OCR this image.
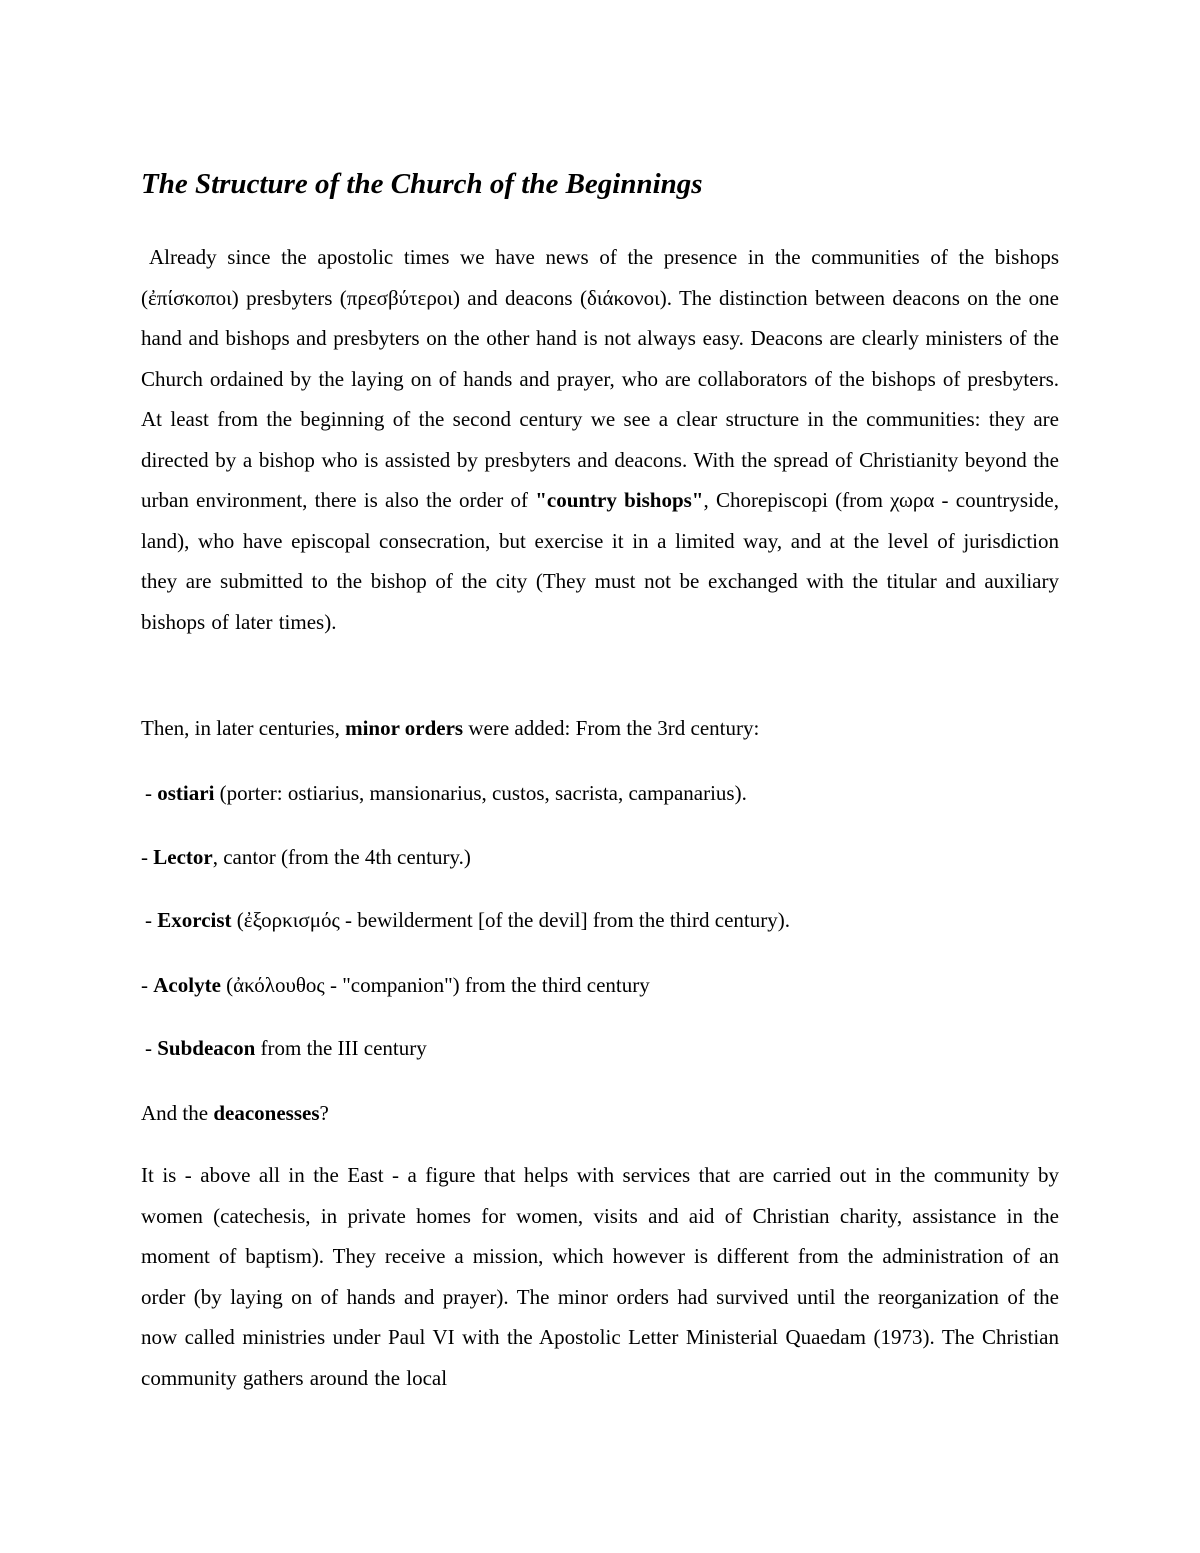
The Structure of the Church of the Beginnings

Already since the apostolic times we have news of the presence in the communities of the bishops (ἐπίσκοποι) presbyters (πρεσβύτεροι) and deacons (διάκονοι). The distinction between deacons on the one hand and bishops and presbyters on the other hand is not always easy. Deacons are clearly ministers of the Church ordained by the laying on of hands and prayer, who are collaborators of the bishops of presbyters. At least from the beginning of the second century we see a clear structure in the communities: they are directed by a bishop who is assisted by presbyters and deacons. With the spread of Christianity beyond the urban environment, there is also the order of "country bishops", Chorepiscopi (from χωρα - countryside, land), who have episcopal consecration, but exercise it in a limited way, and at the level of jurisdiction they are submitted to the bishop of the city (They must not be exchanged with the titular and auxiliary bishops of later times).

Then, in later centuries, minor orders were added: From the 3rd century:

- ostiari (porter: ostiarius, mansionarius, custos, sacrista, campanarius).

- Lector, cantor (from the 4th century.)

- Exorcist (ἐξορκισμός - bewilderment [of the devil] from the third century).

- Acolyte (ἀκόλουθος - "companion") from the third century

- Subdeacon from the III century

And the deaconesses?

It is - above all in the East - a figure that helps with services that are carried out in the community by women (catechesis, in private homes for women, visits and aid of Christian charity, assistance in the moment of baptism). They receive a mission, which however is different from the administration of an order (by laying on of hands and prayer). The minor orders had survived until the reorganization of the now called ministries under Paul VI with the Apostolic Letter Ministerial Quaedam (1973). The Christian community gathers around the local
